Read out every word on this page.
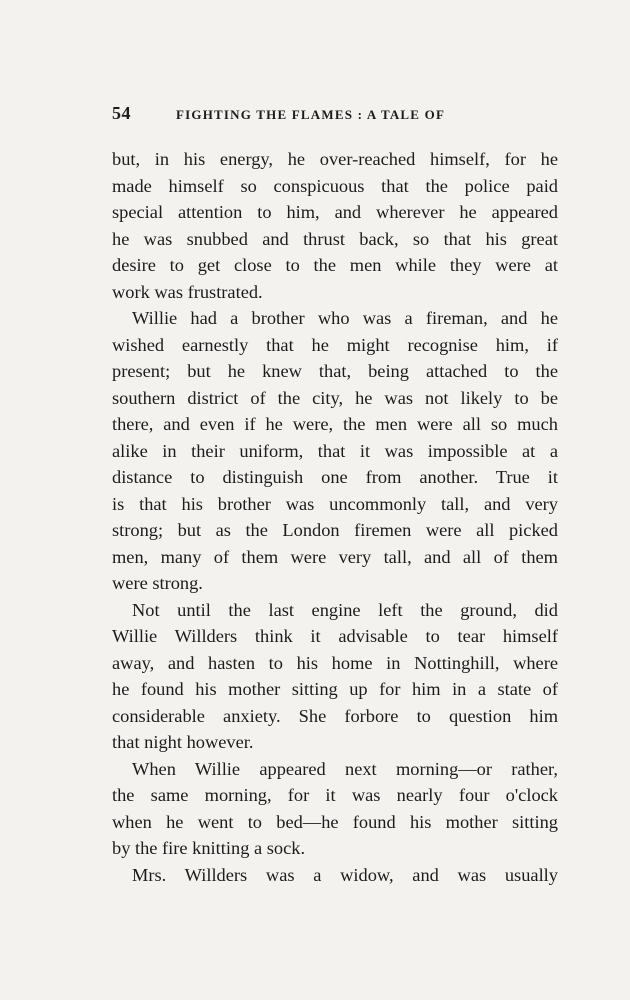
54	FIGHTING THE FLAMES : A TALE OF
but, in his energy, he over-reached himself, for he
made himself so conspicuous that the police paid
special attention to him, and wherever he appeared
he was snubbed and thrust back, so that his great
desire to get close to the men while they were at
work was frustrated.
Willie had a brother who was a fireman, and he
wished earnestly that he might recognise him, if
present; but he knew that, being attached to the
southern district of the city, he was not likely to be
there, and even if he were, the men were all so much
alike in their uniform, that it was impossible at a
distance to distinguish one from another. True it
is that his brother was uncommonly tall, and very
strong; but as the London firemen were all picked
men, many of them were very tall, and all of them
were strong.
Not until the last engine left the ground, did
Willie Willders think it advisable to tear himself
away, and hasten to his home in Nottinghill, where
he found his mother sitting up for him in a state of
considerable anxiety. She forbore to question him
that night however.
When Willie appeared next morning—or rather,
the same morning, for it was nearly four o'clock
when he went to bed—he found his mother sitting
by the fire knitting a sock.
Mrs. Willders was a widow, and was usually
